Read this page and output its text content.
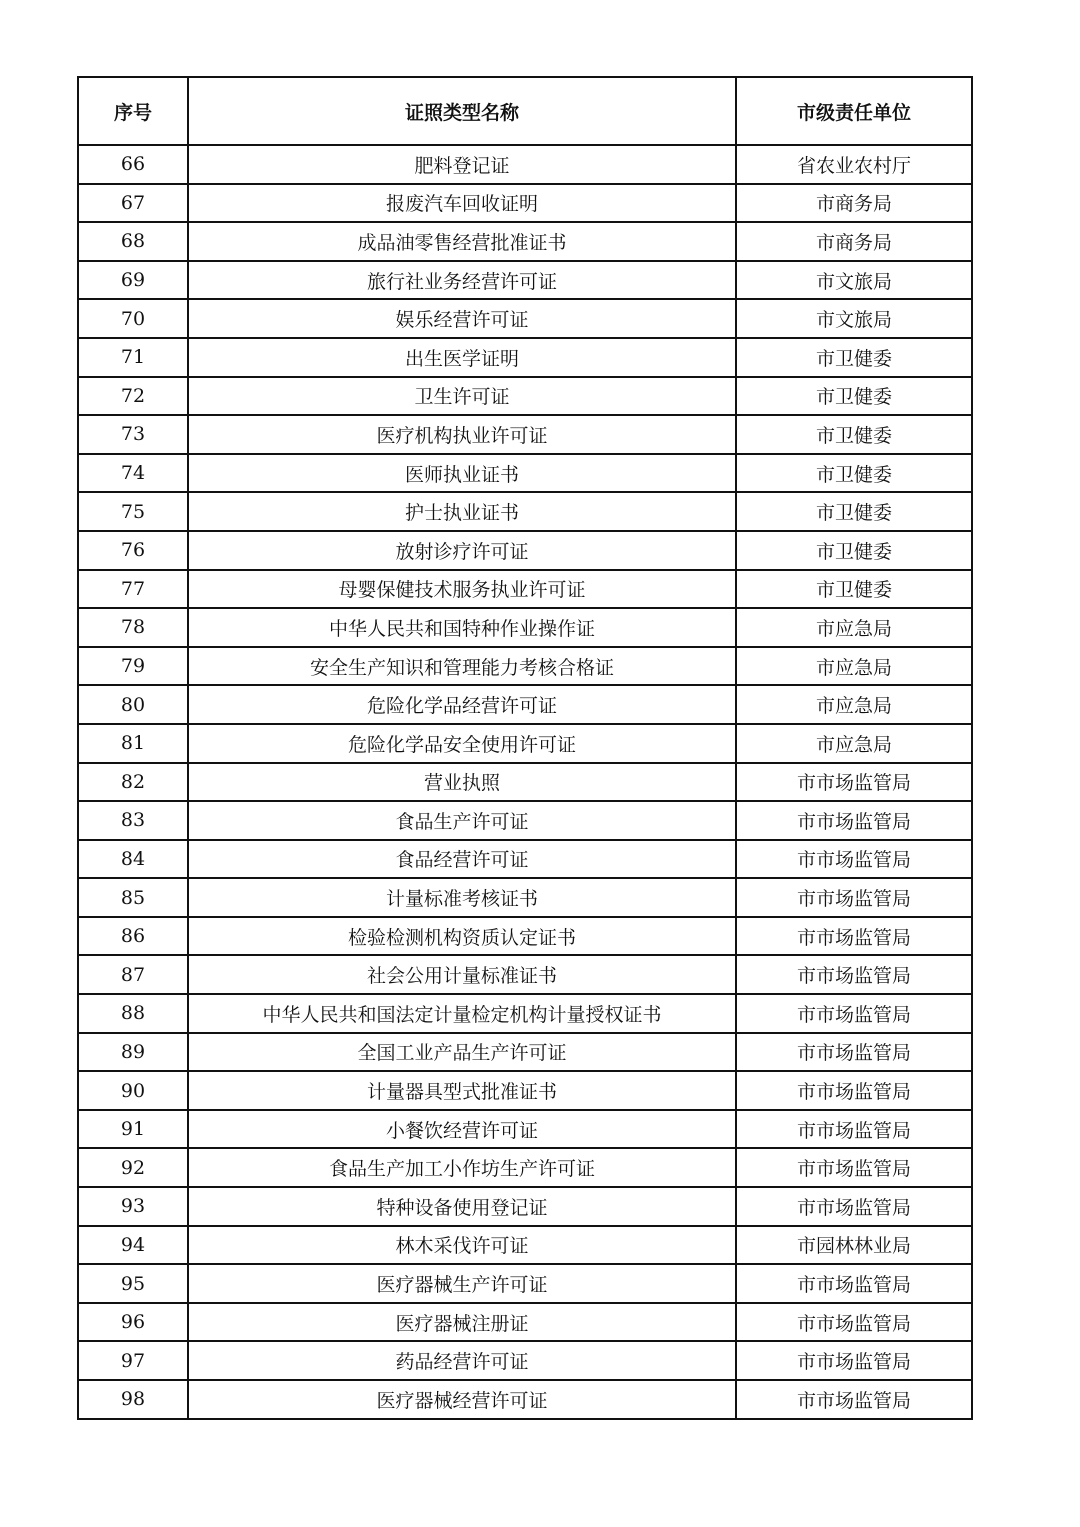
序号	证照类型名称	市级责任单位
66	肥料登记证	省农业农村厅
67	报废汽车回收证明	市商务局
68	成品油零售经营批准证书	市商务局
69	旅行社业务经营许可证	市文旅局
70	娱乐经营许可证	市文旅局
71	出生医学证明	市卫健委
72	卫生许可证	市卫健委
73	医疗机构执业许可证	市卫健委
74	医师执业证书	市卫健委
75	护士执业证书	市卫健委
76	放射诊疗许可证	市卫健委
77	母婴保健技术服务执业许可证	市卫健委
78	中华人民共和国特种作业操作证	市应急局
79	安全生产知识和管理能力考核合格证	市应急局
80	危险化学品经营许可证	市应急局
81	危险化学品安全使用许可证	市应急局
82	营业执照	市市场监管局
83	食品生产许可证	市市场监管局
84	食品经营许可证	市市场监管局
85	计量标准考核证书	市市场监管局
86	检验检测机构资质认定证书	市市场监管局
87	社会公用计量标准证书	市市场监管局
88	中华人民共和国法定计量检定机构计量授权证书	市市场监管局
89	全国工业产品生产许可证	市市场监管局
90	计量器具型式批准证书	市市场监管局
91	小餐饮经营许可证	市市场监管局
92	食品生产加工小作坊生产许可证	市市场监管局
93	特种设备使用登记证	市市场监管局
94	林木采伐许可证	市园林林业局
95	医疗器械生产许可证	市市场监管局
96	医疗器械注册证	市市场监管局
97	药品经营许可证	市市场监管局
98	医疗器械经营许可证	市市场监管局
